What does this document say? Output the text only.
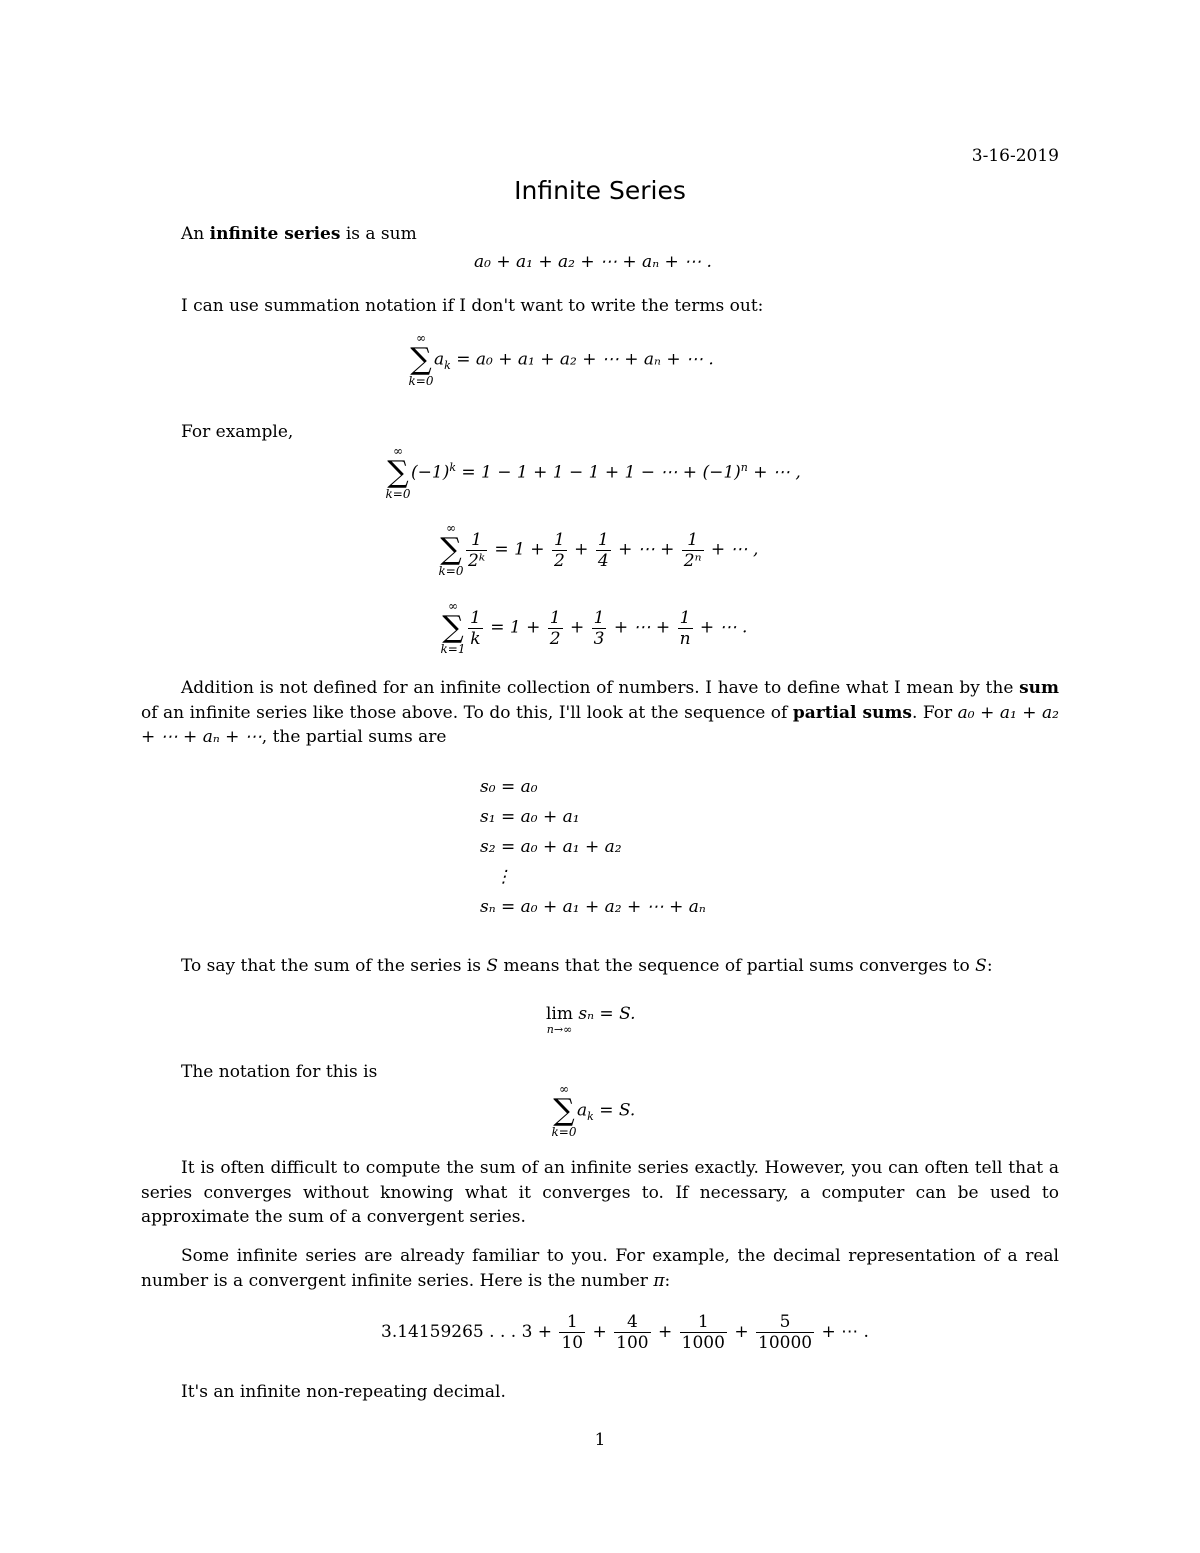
3-16-2019
Infinite Series
An infinite series is a sum
a₀ + a₁ + a₂ + ⋯ + aₙ + ⋯ .
I can use summation notation if I don't want to write the terms out:
∞
∑
k=0
$a_k = a_0 + a_1 + a_2$ + ⋯ + aₙ + ⋯ .
For example,
∞
∑
k=0
$(-1)^k = 1 - 1 + 1 - 1 + 1$ − ⋯ + $(-1)^n$ + ⋯ ,
∞
∑
k=0
$\frac{1}{\text{2ᵏ}} = 1 + \frac{1}{2} + \frac{1}{4}$ + ⋯ + $\frac{1}{\text{2ⁿ}}$ + ⋯ ,
∞
∑
k=1
$\frac{1}{k} = 1 + \frac{1}{2} + \frac{1}{3}$ + ⋯ + $\frac{1}{n}$ + ⋯ .
Addition is not defined for an infinite collection of numbers. I have to define what I mean by the sum of an infinite series like those above. To do this, I'll look at the sequence of partial sums. For a₀ + a₁ + a₂ + ⋯ + aₙ + ⋯, the partial sums are
s₀ = a₀
s₁ = a₀ + a₁
s₂ = a₀ + a₁ + a₂
⋮
sₙ = a₀ + a₁ + a₂ + ⋯ + aₙ
To say that the sum of the series is S means that the sequence of partial sums converges to S:
lim
n→∞
sₙ = S.
The notation for this is
∞
∑
k=0
$a_k = S$.
It is often difficult to compute the sum of an infinite series exactly. However, you can often tell that a series converges without knowing what it converges to. If necessary, a computer can be used to approximate the sum of a convergent series.
Some infinite series are already familiar to you. For example, the decimal representation of a real number is a convergent infinite series. Here is the number π:
3.14159265 . . . $3 + \frac{1}{10} + \frac{4}{100} + \frac{1}{1000} + \frac{5}{10000}$ + ⋯ .
It's an infinite non-repeating decimal.
1
